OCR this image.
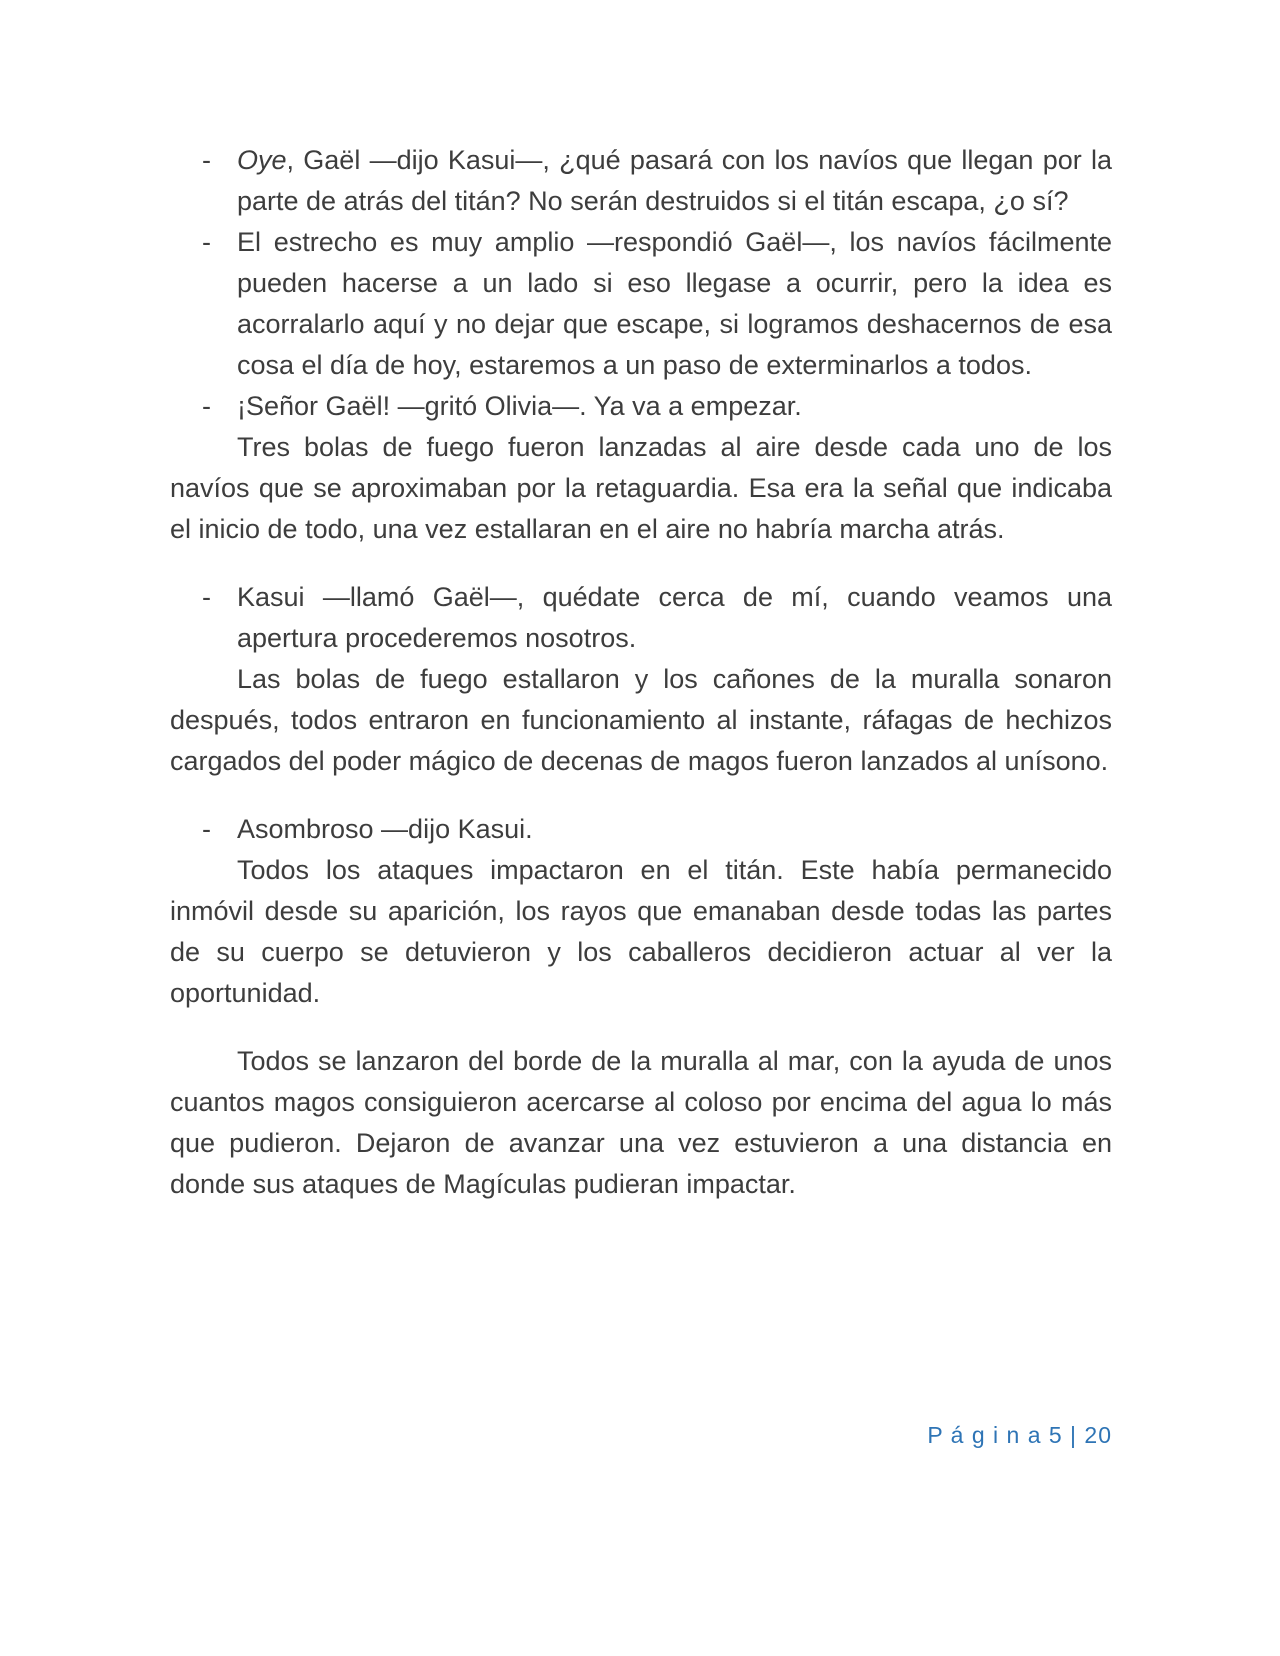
- Oye, Gaël —dijo Kasui—, ¿qué pasará con los navíos que llegan por la parte de atrás del titán? No serán destruidos si el titán escapa, ¿o sí?
- El estrecho es muy amplio —respondió Gaël—, los navíos fácilmente pueden hacerse a un lado si eso llegase a ocurrir, pero la idea es acorralarlo aquí y no dejar que escape, si logramos deshacernos de esa cosa el día de hoy, estaremos a un paso de exterminarlos a todos.
- ¡Señor Gaël! —gritó Olivia—. Ya va a empezar.
Tres bolas de fuego fueron lanzadas al aire desde cada uno de los navíos que se aproximaban por la retaguardia. Esa era la señal que indicaba el inicio de todo, una vez estallaran en el aire no habría marcha atrás.
- Kasui —llamó Gaël—, quédate cerca de mí, cuando veamos una apertura procederemos nosotros.
Las bolas de fuego estallaron y los cañones de la muralla sonaron después, todos entraron en funcionamiento al instante, ráfagas de hechizos cargados del poder mágico de decenas de magos fueron lanzados al unísono.
- Asombroso —dijo Kasui.
Todos los ataques impactaron en el titán. Este había permanecido inmóvil desde su aparición, los rayos que emanaban desde todas las partes de su cuerpo se detuvieron y los caballeros decidieron actuar al ver la oportunidad.
Todos se lanzaron del borde de la muralla al mar, con la ayuda de unos cuantos magos consiguieron acercarse al coloso por encima del agua lo más que pudieron. Dejaron de avanzar una vez estuvieron a una distancia en donde sus ataques de Magículas pudieran impactar.
P á g i n a 5 | 20
